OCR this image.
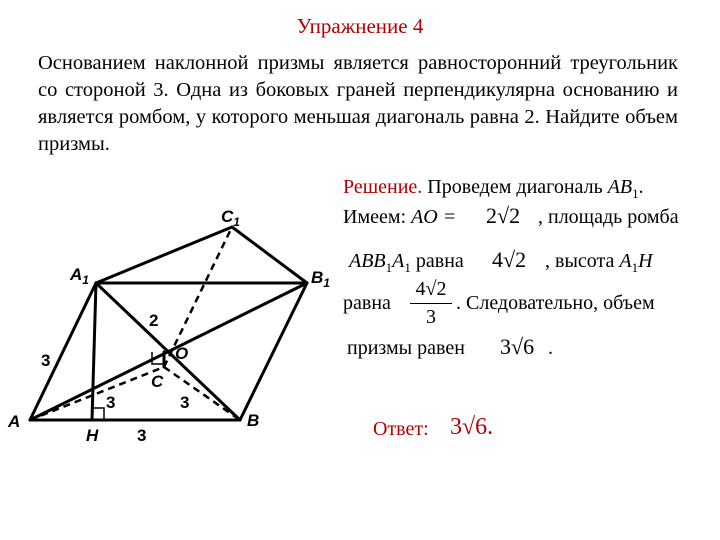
Упражнение 4
Основанием наклонной призмы является равносторонний треугольник со стороной 3. Одна из боковых граней перпендикулярна основанию и является ромбом, у которого меньшая диагональ равна 2. Найдите объем призмы.
Решение. Проведем диагональ $AB_1$.
Имеем: AO = 2√2 , площадь ромба
$ABB_1A_1$ равна 4√2 , высота $A_1H$
равна
4√2
3
. Следовательно, объем
призмы равен 3√6 .
Ответ: 3√6.
$C_1$
$A_1$	$B_1$
O
C
A	B
H
2
3
3	3
3
